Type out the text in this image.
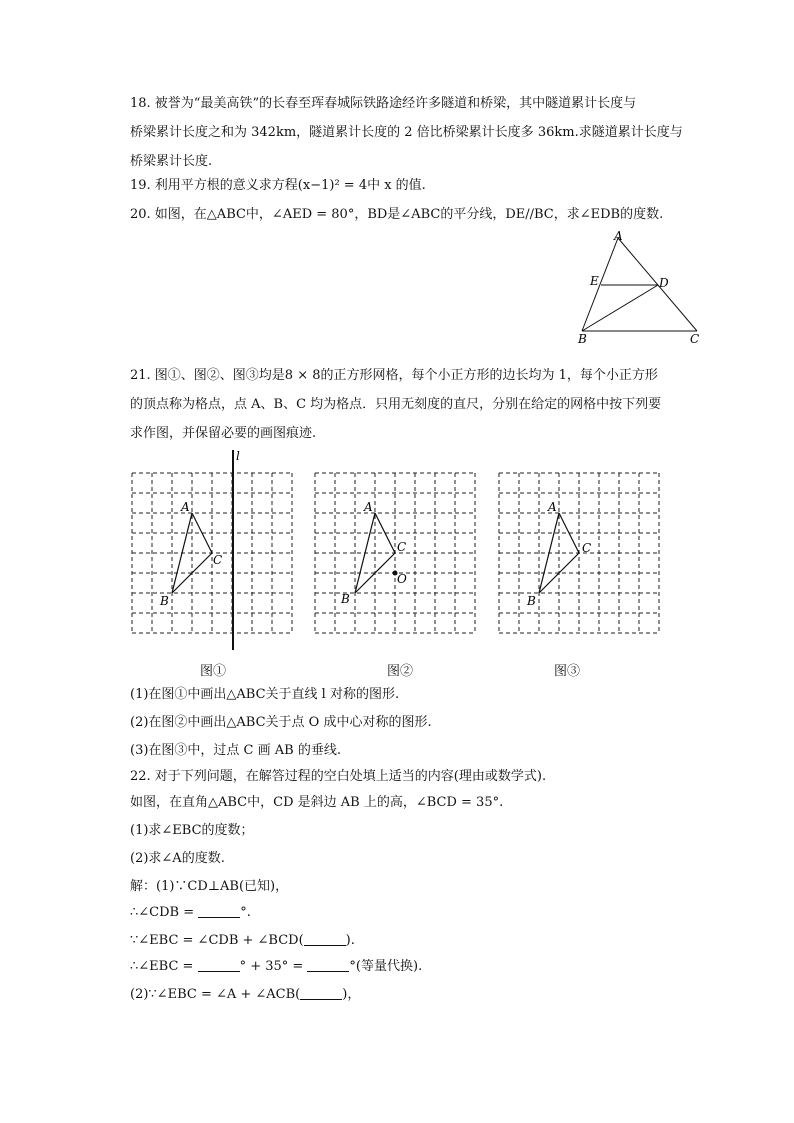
18. 被誉为“最美高铁”的长春至珲春城际铁路途经许多隧道和桥梁，其中隧道累计长度与
桥梁累计长度之和为 342km，隧道累计长度的 2 倍比桥梁累计长度多 36km.求隧道累计长度与
桥梁累计长度.
19. 利用平方根的意义求方程(x−1)² = 4中 x 的值.
20. 如图，在△ABC中，∠AED = 80°，BD是∠ABC的平分线，DE//BC，求∠EDB的度数.
A
E	D
B	C
21. 图①、图②、图③均是8 × 8的正方形网格，每个小正方形的边长均为 1，每个小正方形
的顶点称为格点，点 A、B、C 均为格点．只用无刻度的直尺，分别在给定的网格中按下列要
求作图，并保留必要的画图痕迹.
l
A
C
B
A
C
O
B
A
C
B
图①	图②	图③
(1)在图①中画出△ABC关于直线 l 对称的图形.
(2)在图②中画出△ABC关于点 O 成中心对称的图形.
(3)在图③中，过点 C 画 AB 的垂线.
22. 对于下列问题，在解答过程的空白处填上适当的内容(理由或数学式).
如图，在直角△ABC中，CD 是斜边 AB 上的高，∠BCD = 35°.
(1)求∠EBC的度数；
(2)求∠A的度数.
解：(1)∵CD⊥AB(已知)，
∴∠CDB =	°.
∵∠EBC = ∠CDB + ∠BCD(	).
∴∠EBC =	° + 35° =	°(等量代换).
(2)∵∠EBC = ∠A + ∠ACB(	)，
